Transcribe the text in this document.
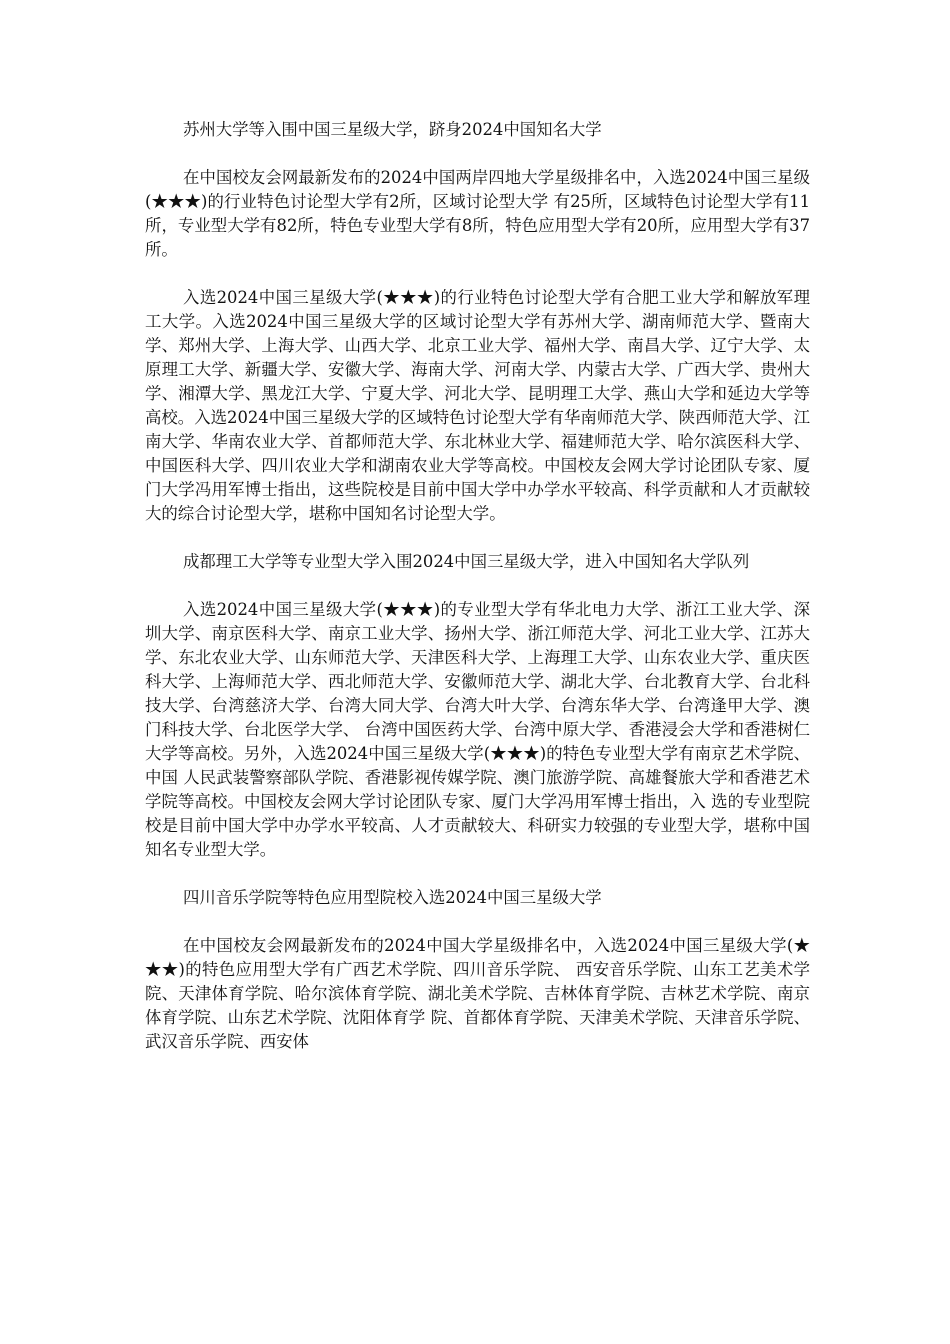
苏州大学等入围中国三星级大学，跻身2024中国知名大学

在中国校友会网最新发布的2024中国两岸四地大学星级排名中，入选2024中国三星级(★★★)的行业特色讨论型大学有2所，区域讨论型大学 有25所，区域特色讨论型大学有11所，专业型大学有82所，特色专业型大学有8所，特色应用型大学有20所，应用型大学有37所。

入选2024中国三星级大学(★★★)的行业特色讨论型大学有合肥工业大学和解放军理工大学。入选2024中国三星级大学的区域讨论型大学有苏州大学、湖南师范大学、暨南大学、郑州大学、上海大学、山西大学、北京工业大学、福州大学、南昌大学、辽宁大学、太原理工大学、新疆大学、安徽大学、海南大学、河南大学、内蒙古大学、广西大学、贵州大学、湘潭大学、黑龙江大学、宁夏大学、河北大学、昆明理工大学、燕山大学和延边大学等高校。入选2024中国三星级大学的区域特色讨论型大学有华南师范大学、陕西师范大学、江南大学、华南农业大学、首都师范大学、东北林业大学、福建师范大学、哈尔滨医科大学、中国医科大学、四川农业大学和湖南农业大学等高校。中国校友会网大学讨论团队专家、厦门大学冯用军博士指出，这些院校是目前中国大学中办学水平较高、科学贡献和人才贡献较大的综合讨论型大学，堪称中国知名讨论型大学。

成都理工大学等专业型大学入围2024中国三星级大学，进入中国知名大学队列

入选2024中国三星级大学(★★★)的专业型大学有华北电力大学、浙江工业大学、深圳大学、南京医科大学、南京工业大学、扬州大学、浙江师范大学、河北工业大学、江苏大学、东北农业大学、山东师范大学、天津医科大学、上海理工大学、山东农业大学、重庆医科大学、上海师范大学、西北师范大学、安徽师范大学、湖北大学、台北教育大学、台北科技大学、台湾慈济大学、台湾大同大学、台湾大叶大学、台湾东华大学、台湾逢甲大学、澳门科技大学、台北医学大学、 台湾中国医药大学、台湾中原大学、香港浸会大学和香港树仁大学等高校。另外，入选2024中国三星级大学(★★★)的特色专业型大学有南京艺术学院、中国 人民武装警察部队学院、香港影视传媒学院、澳门旅游学院、高雄餐旅大学和香港艺术学院等高校。中国校友会网大学讨论团队专家、厦门大学冯用军博士指出，入 选的专业型院校是目前中国大学中办学水平较高、人才贡献较大、科研实力较强的专业型大学，堪称中国知名专业型大学。

四川音乐学院等特色应用型院校入选2024中国三星级大学

在中国校友会网最新发布的2024中国大学星级排名中，入选2024中国三星级大学(★★★)的特色应用型大学有广西艺术学院、四川音乐学院、 西安音乐学院、山东工艺美术学院、天津体育学院、哈尔滨体育学院、湖北美术学院、吉林体育学院、吉林艺术学院、南京体育学院、山东艺术学院、沈阳体育学 院、首都体育学院、天津美术学院、天津音乐学院、武汉音乐学院、西安体
